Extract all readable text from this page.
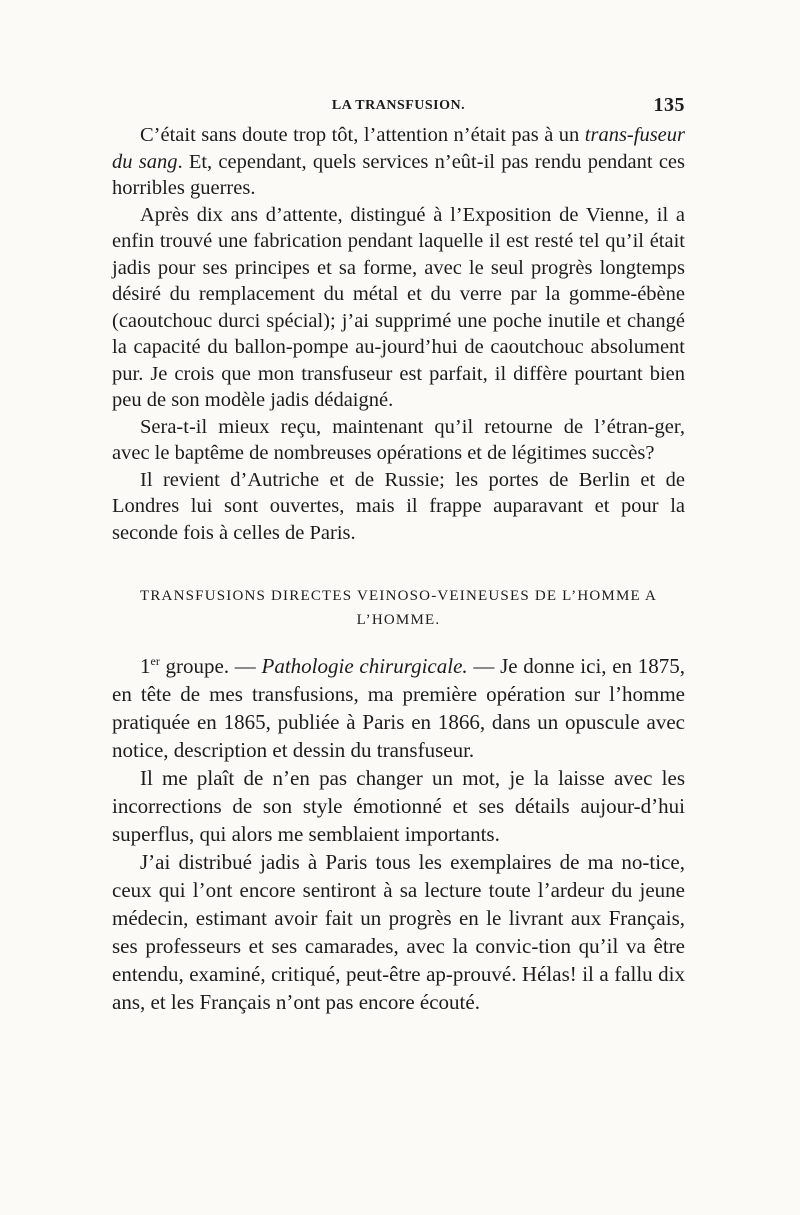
LA TRANSFUSION.	135

C’était sans doute trop tôt, l’attention n’était pas à un trans-fuseur du sang. Et, cependant, quels services n’eût-il pas rendu pendant ces horribles guerres.

Après dix ans d’attente, distingué à l’Exposition de Vienne, il a enfin trouvé une fabrication pendant laquelle il est resté tel qu’il était jadis pour ses principes et sa forme, avec le seul progrès longtemps désiré du remplacement du métal et du verre par la gomme-ébène (caoutchouc durci spécial); j’ai supprimé une poche inutile et changé la capacité du ballon-pompe au-jourd’hui de caoutchouc absolument pur. Je crois que mon transfuseur est parfait, il diffère pourtant bien peu de son modèle jadis dédaigné.

Sera-t-il mieux reçu, maintenant qu’il retourne de l’étran-ger, avec le baptême de nombreuses opérations et de légitimes succès?

Il revient d’Autriche et de Russie; les portes de Berlin et de Londres lui sont ouvertes, mais il frappe auparavant et pour la seconde fois à celles de Paris.

TRANSFUSIONS DIRECTES VEINOSO-VEINEUSES DE L’HOMME A
L’HOMME.

1er groupe. — Pathologie chirurgicale. — Je donne ici, en 1875, en tête de mes transfusions, ma première opération sur l’homme pratiquée en 1865, publiée à Paris en 1866, dans un opuscule avec notice, description et dessin du transfuseur.

Il me plaît de n’en pas changer un mot, je la laisse avec les incorrections de son style émotionné et ses détails aujour-d’hui superflus, qui alors me semblaient importants.

J’ai distribué jadis à Paris tous les exemplaires de ma no-tice, ceux qui l’ont encore sentiront à sa lecture toute l’ardeur du jeune médecin, estimant avoir fait un progrès en le livrant aux Français, ses professeurs et ses camarades, avec la convic-tion qu’il va être entendu, examiné, critiqué, peut-être ap-prouvé. Hélas! il a fallu dix ans, et les Français n’ont pas encore écouté.
